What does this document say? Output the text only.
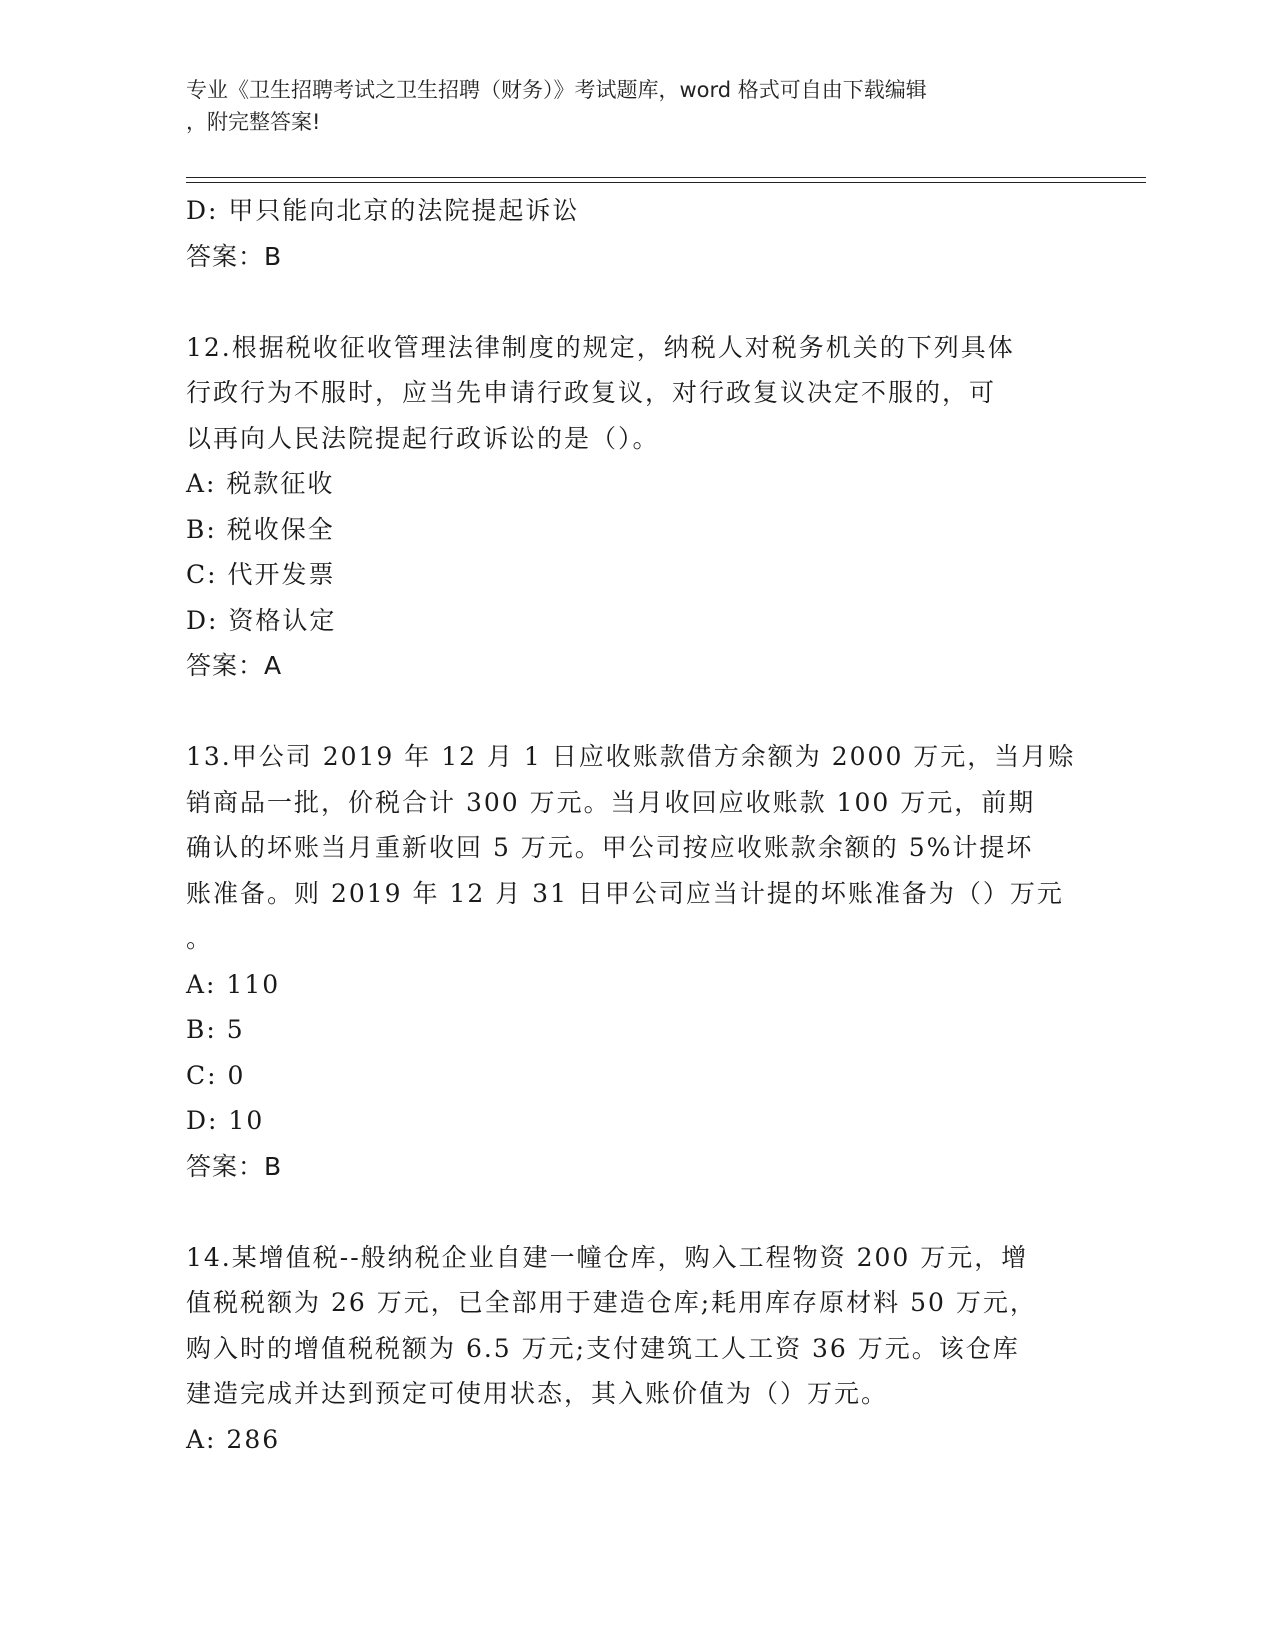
专业《卫生招聘考试之卫生招聘（财务）》考试题库，word 格式可自由下载编辑
，附完整答案!
D: 甲只能向北京的法院提起诉讼
答案：B
12.根据税收征收管理法律制度的规定，纳税人对税务机关的下列具体
行政行为不服时，应当先申请行政复议，对行政复议决定不服的，可
以再向人民法院提起行政诉讼的是（）。
A: 税款征收
B: 税收保全
C: 代开发票
D: 资格认定
答案：A
13.甲公司 2019 年 12 月 1 日应收账款借方余额为 2000 万元，当月赊
销商品一批，价税合计 300 万元。当月收回应收账款 100 万元，前期
确认的坏账当月重新收回 5 万元。甲公司按应收账款余额的 5%计提坏
账准备。则 2019 年 12 月 31 日甲公司应当计提的坏账准备为（）万元
。
A: 110
B: 5
C: 0
D: 10
答案：B
14.某增值税--般纳税企业自建一幢仓库，购入工程物资 200 万元，增
值税税额为 26 万元，已全部用于建造仓库;耗用库存原材料 50 万元，
购入时的增值税税额为 6.5 万元;支付建筑工人工资 36 万元。该仓库
建造完成并达到预定可使用状态，其入账价值为（）万元。
A: 286
